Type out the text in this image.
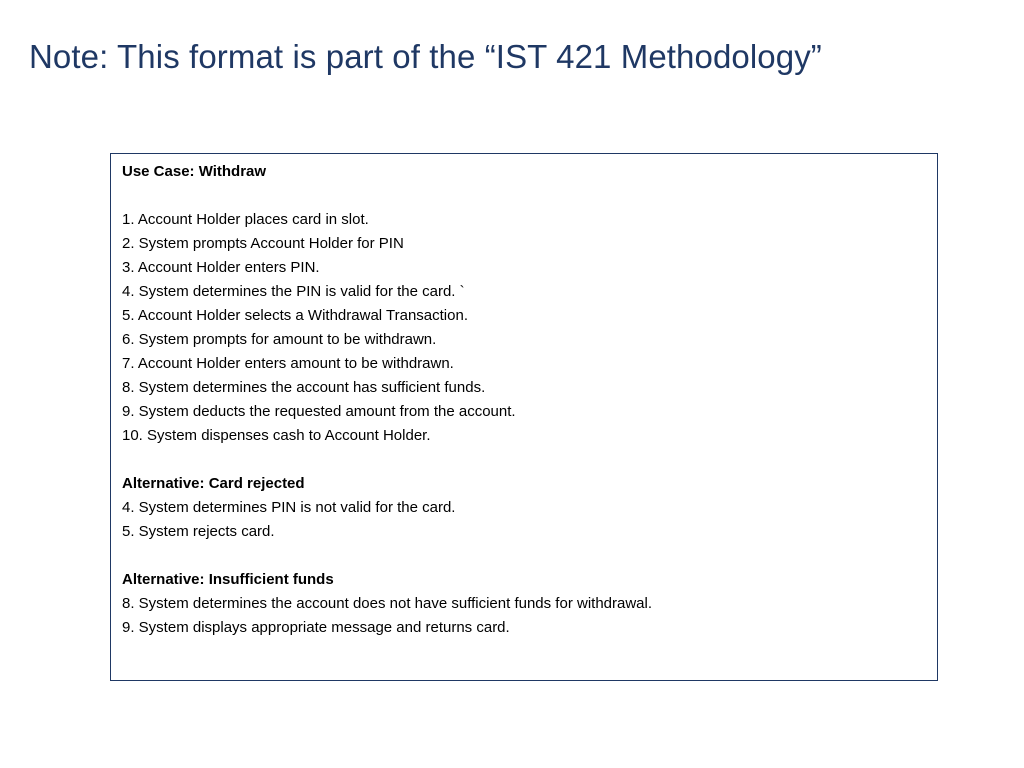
Note: This format is part of the “IST 421 Methodology”
Use Case: Withdraw
1. Account Holder places card in slot.
2. System prompts Account Holder for PIN
3. Account Holder enters PIN.
4. System determines the PIN is valid for the card. `
5. Account Holder selects a Withdrawal Transaction.
6. System prompts for amount to be withdrawn.
7. Account Holder enters amount to be withdrawn.
8. System determines the account has sufficient funds.
9. System deducts the requested amount from the account.
10. System dispenses cash to Account Holder.
Alternative: Card rejected
4. System determines PIN is not valid for the card.
5. System rejects card.
Alternative: Insufficient funds
8. System determines the account does not have sufficient funds for withdrawal.
9. System displays appropriate message and returns card.
